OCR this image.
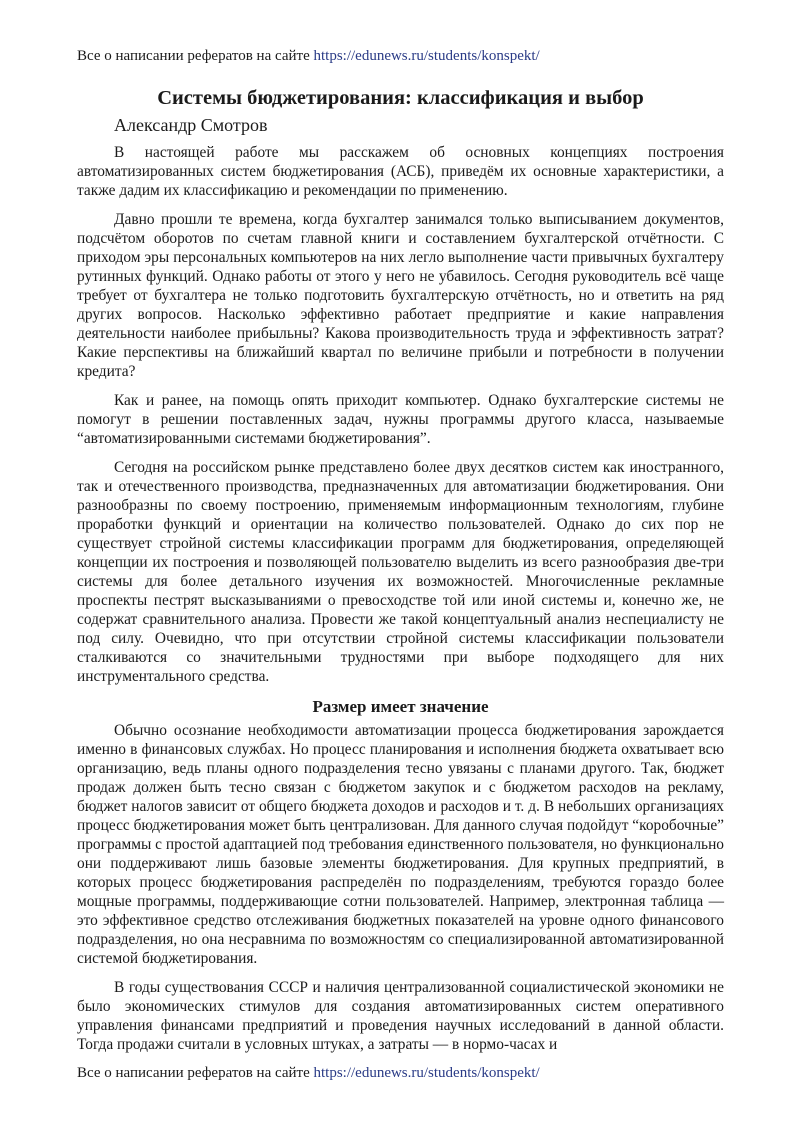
Все о написании рефератов на сайте https://edunews.ru/students/konspekt/
Системы бюджетирования: классификация и выбор
Александр Смотров

В настоящей работе мы расскажем об основных концепциях построения автоматизированных систем бюджетирования (АСБ), приведём их основные характеристики, а также дадим их классификацию и рекомендации по применению.

Давно прошли те времена, когда бухгалтер занимался только выписыванием документов, подсчётом оборотов по счетам главной книги и составлением бухгалтерской отчётности. С приходом эры персональных компьютеров на них легло выполнение части привычных бухгалтеру рутинных функций. Однако работы от этого у него не убавилось. Сегодня руководитель всё чаще требует от бухгалтера не только подготовить бухгалтерскую отчётность, но и ответить на ряд других вопросов. Насколько эффективно работает предприятие и какие направления деятельности наиболее прибыльны? Какова производительность труда и эффективность затрат? Какие перспективы на ближайший квартал по величине прибыли и потребности в получении кредита?

Как и ранее, на помощь опять приходит компьютер. Однако бухгалтерские системы не помогут в решении поставленных задач, нужны программы другого класса, называемые “автоматизированными системами бюджетирования”.

Сегодня на российском рынке представлено более двух десятков систем как иностранного, так и отечественного производства, предназначенных для автоматизации бюджетирования. Они разнообразны по своему построению, применяемым информационным технологиям, глубине проработки функций и ориентации на количество пользователей. Однако до сих пор не существует стройной системы классификации программ для бюджетирования, определяющей концепции их построения и позволяющей пользователю выделить из всего разнообразия две-три системы для более детального изучения их возможностей. Многочисленные рекламные проспекты пестрят высказываниями о превосходстве той или иной системы и, конечно же, не содержат сравнительного анализа. Провести же такой концептуальный анализ неспециалисту не под силу. Очевидно, что при отсутствии стройной системы классификации пользователи сталкиваются со значительными трудностями при выборе подходящего для них инструментального средства.

Размер имеет значение

Обычно осознание необходимости автоматизации процесса бюджетирования зарождается именно в финансовых службах. Но процесс планирования и исполнения бюджета охватывает всю организацию, ведь планы одного подразделения тесно увязаны с планами другого. Так, бюджет продаж должен быть тесно связан с бюджетом закупок и с бюджетом расходов на рекламу, бюджет налогов зависит от общего бюджета доходов и расходов и т. д. В небольших организациях процесс бюджетирования может быть централизован. Для данного случая подойдут “коробочные” программы с простой адаптацией под требования единственного пользователя, но функционально они поддерживают лишь базовые элементы бюджетирования. Для крупных предприятий, в которых процесс бюджетирования распределён по подразделениям, требуются гораздо более мощные программы, поддерживающие сотни пользователей. Например, электронная таблица — это эффективное средство отслеживания бюджетных показателей на уровне одного финансового подразделения, но она несравнима по возможностям со специализированной автоматизированной системой бюджетирования.

В годы существования СССР и наличия централизованной социалистической экономики не было экономических стимулов для создания автоматизированных систем оперативного управления финансами предприятий и проведения научных исследований в данной области. Тогда продажи считали в условных штуках, а затраты — в нормо-часах и

Все о написании рефератов на сайте https://edunews.ru/students/konspekt/
